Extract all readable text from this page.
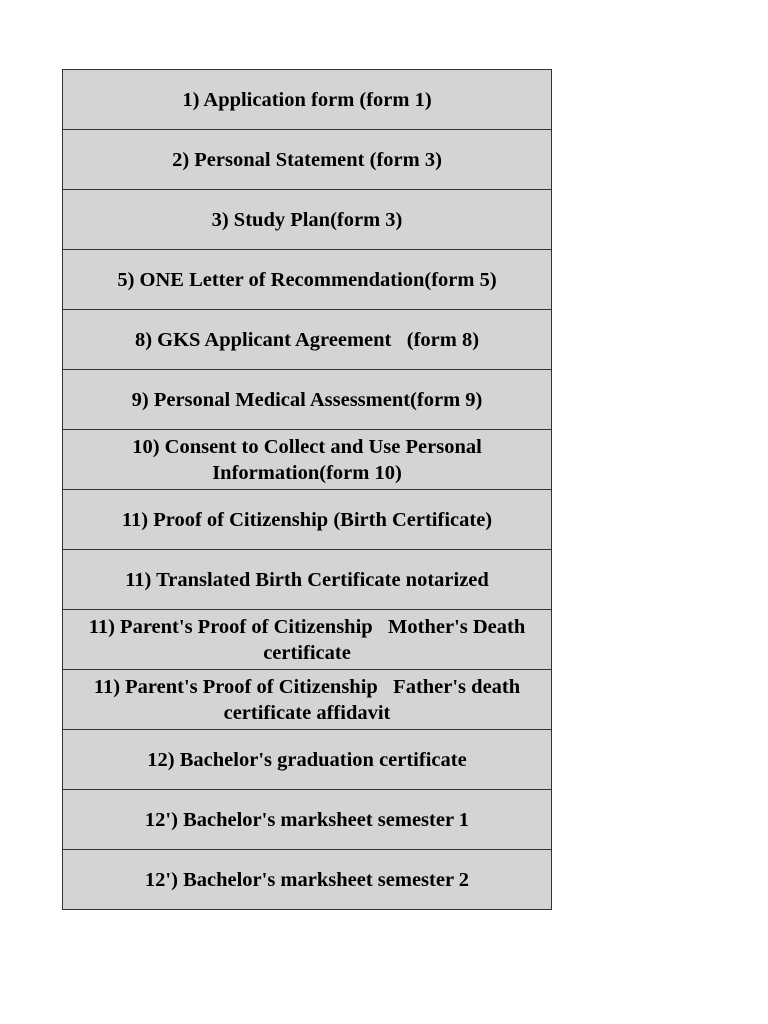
1) Application form (form 1)
2) Personal Statement (form 3)
3) Study Plan(form 3)
5) ONE Letter of Recommendation(form 5)
8) GKS Applicant Agreement   (form 8)
9) Personal Medical Assessment(form 9)
10) Consent to Collect and Use Personal Information(form 10)
11) Proof of Citizenship (Birth Certificate)
11) Translated Birth Certificate notarized
11) Parent's Proof of Citizenship   Mother's Death certificate
11) Parent's Proof of Citizenship   Father's death certificate affidavit
12) Bachelor's graduation certificate
12') Bachelor's marksheet semester 1
12') Bachelor's marksheet semester 2
